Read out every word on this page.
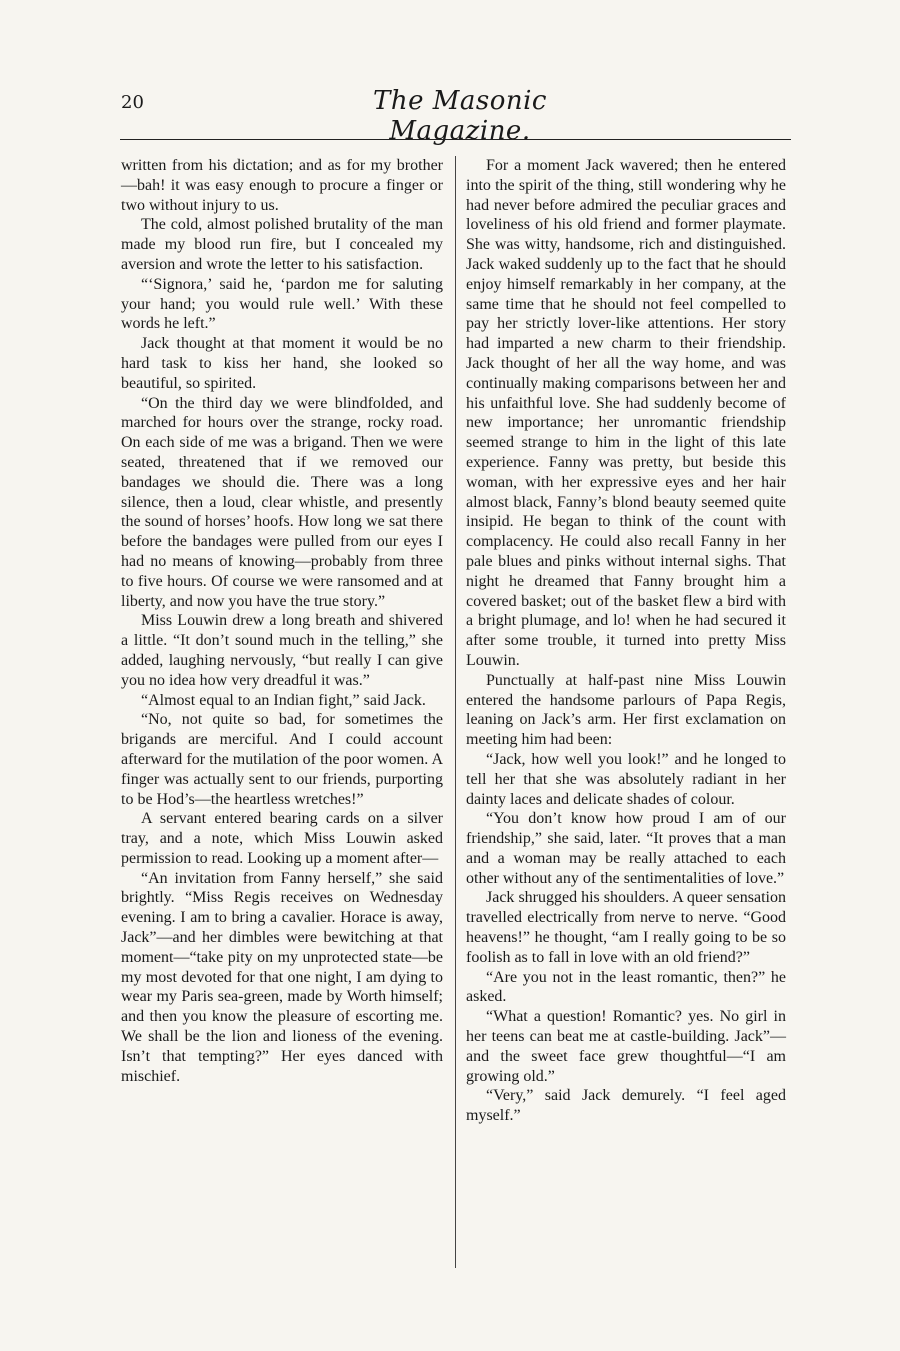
20	The Masonic Magazine.

written from his dictation; and as for my brother—bah! it was easy enough to procure a finger or two without injury to us.

The cold, almost polished brutality of the man made my blood run fire, but I concealed my aversion and wrote the letter to his satisfaction.

“‘Signora,’ said he, ‘pardon me for saluting your hand; you would rule well.’ With these words he left.”

Jack thought at that moment it would be no hard task to kiss her hand, she looked so beautiful, so spirited.

“On the third day we were blindfolded, and marched for hours over the strange, rocky road. On each side of me was a brigand. Then we were seated, threatened that if we removed our bandages we should die. There was a long silence, then a loud, clear whistle, and presently the sound of horses’ hoofs. How long we sat there before the bandages were pulled from our eyes I had no means of knowing—probably from three to five hours. Of course we were ransomed and at liberty, and now you have the true story.”

Miss Louwin drew a long breath and shivered a little. “It don’t sound much in the telling,” she added, laughing nervously, “but really I can give you no idea how very dreadful it was.”

“Almost equal to an Indian fight,” said Jack.

“No, not quite so bad, for sometimes the brigands are merciful. And I could account afterward for the mutilation of the poor women. A finger was actually sent to our friends, purporting to be Hod’s—the heartless wretches!”

A servant entered bearing cards on a silver tray, and a note, which Miss Louwin asked permission to read. Looking up a moment after—

“An invitation from Fanny herself,” she said brightly. “Miss Regis receives on Wednesday evening. I am to bring a cavalier. Horace is away, Jack”—and her dimbles were bewitching at that moment—“take pity on my unprotected state—be my most devoted for that one night, I am dying to wear my Paris sea-green, made by Worth himself; and then you know the pleasure of escorting me. We shall be the lion and lioness of the evening. Isn’t that tempting?” Her eyes danced with mischief.

For a moment Jack wavered; then he entered into the spirit of the thing, still wondering why he had never before admired the peculiar graces and loveliness of his old friend and former playmate. She was witty, handsome, rich and distinguished. Jack waked suddenly up to the fact that he should enjoy himself remarkably in her company, at the same time that he should not feel compelled to pay her strictly lover-like attentions. Her story had imparted a new charm to their friendship. Jack thought of her all the way home, and was continually making comparisons between her and his unfaithful love. She had suddenly become of new importance; her unromantic friendship seemed strange to him in the light of this late experience. Fanny was pretty, but beside this woman, with her expressive eyes and her hair almost black, Fanny’s blond beauty seemed quite insipid. He began to think of the count with complacency. He could also recall Fanny in her pale blues and pinks without internal sighs. That night he dreamed that Fanny brought him a covered basket; out of the basket flew a bird with a bright plumage, and lo! when he had secured it after some trouble, it turned into pretty Miss Louwin.

Punctually at half-past nine Miss Louwin entered the handsome parlours of Papa Regis, leaning on Jack’s arm. Her first exclamation on meeting him had been:

“Jack, how well you look!” and he longed to tell her that she was absolutely radiant in her dainty laces and delicate shades of colour.

“You don’t know how proud I am of our friendship,” she said, later. “It proves that a man and a woman may be really attached to each other without any of the sentimentalities of love.”

Jack shrugged his shoulders. A queer sensation travelled electrically from nerve to nerve. “Good heavens!” he thought, “am I really going to be so foolish as to fall in love with an old friend?”

“Are you not in the least romantic, then?” he asked.

“What a question! Romantic? yes. No girl in her teens can beat me at castle-building. Jack”—and the sweet face grew thoughtful—“I am growing old.”

“Very,” said Jack demurely. “I feel aged myself.”
